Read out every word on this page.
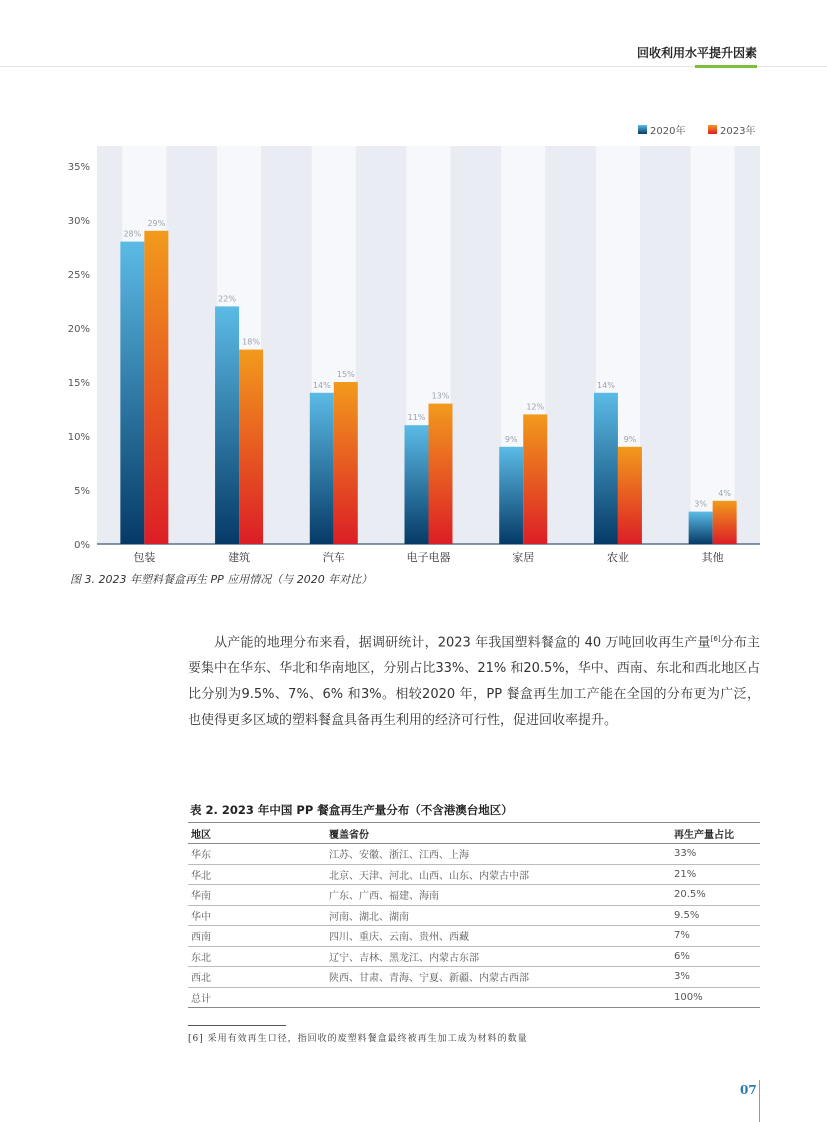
回收利用水平提升因素
0%
5%
10%
15%
20%
25%
30%
35%
28%
29%
22%
18%
14%
15%
11%
13%
9%
12%
14%
9%
3%
4%
包装	建筑	汽车	电子电器	家居	农业	其他
2020年	2023年
图 3. 2023 年塑料餐盒再生 PP 应用情况（与 2020 年对比）
从产能的地理分布来看，据调研统计，2023 年我国塑料餐盒的 40 万吨回收再生产量[6]分布主要集中在华东、华北和华南地区，分别占比33%、21% 和20.5%，华中、西南、东北和西北地区占比分别为9.5%、7%、6% 和3%。相较2020 年，PP 餐盒再生加工产能在全国的分布更为广泛，也使得更多区域的塑料餐盒具备再生利用的经济可行性，促进回收率提升。
表 2. 2023 年中国 PP 餐盒再生产量分布（不含港澳台地区）
地区	覆盖省份	再生产量占比
华东	江苏、安徽、浙江、江西、上海	33%
华北	北京、天津、河北、山西、山东、内蒙古中部	21%
华南	广东、广西、福建、海南	20.5%
华中	河南、湖北、湖南	9.5%
西南	四川、重庆、云南、贵州、西藏	7%
东北	辽宁、吉林、黑龙江、内蒙古东部	6%
西北	陕西、甘肃、青海、宁夏、新疆、内蒙古西部	3%
总计		100%
[6] 采用有效再生口径，指回收的废塑料餐盒最终被再生加工成为材料的数量
07
